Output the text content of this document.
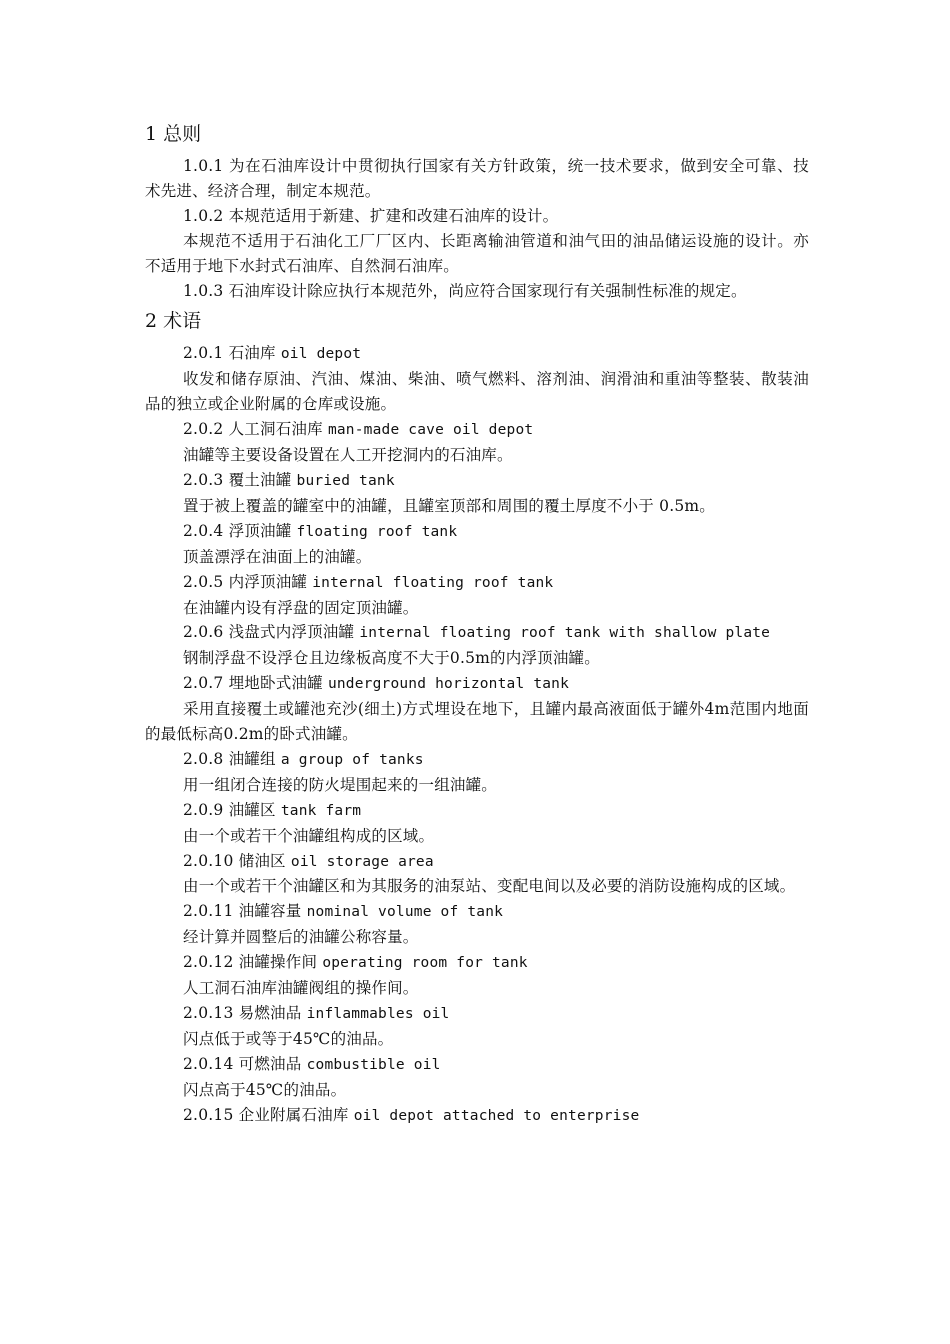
1 总则

1.0.1 为在石油库设计中贯彻执行国家有关方针政策，统一技术要求，做到安全可靠、技术先进、经济合理，制定本规范。

1.0.2 本规范适用于新建、扩建和改建石油库的设计。

本规范不适用于石油化工厂厂区内、长距离输油管道和油气田的油品储运设施的设计。亦不适用于地下水封式石油库、自然洞石油库。

1.0.3 石油库设计除应执行本规范外，尚应符合国家现行有关强制性标准的规定。

2 术语

2.0.1 石油库 oil depot

收发和储存原油、汽油、煤油、柴油、喷气燃料、溶剂油、润滑油和重油等整装、散装油品的独立或企业附属的仓库或设施。

2.0.2 人工洞石油库 man-made cave oil depot

油罐等主要设备设置在人工开挖洞内的石油库。

2.0.3 覆土油罐 buried tank

置于被上覆盖的罐室中的油罐，且罐室顶部和周围的覆土厚度不小于 0.5m。

2.0.4 浮顶油罐 floating roof tank

顶盖漂浮在油面上的油罐。

2.0.5 内浮顶油罐 internal floating roof tank

在油罐内设有浮盘的固定顶油罐。

2.0.6 浅盘式内浮顶油罐 internal floating roof tank with shallow plate

钢制浮盘不设浮仓且边缘板高度不大于0.5m的内浮顶油罐。

2.0.7 埋地卧式油罐 underground horizontal tank

采用直接覆土或罐池充沙(细土)方式埋设在地下，且罐内最高液面低于罐外4m范围内地面的最低标高0.2m的卧式油罐。

2.0.8 油罐组 a group of tanks

用一组闭合连接的防火堤围起来的一组油罐。

2.0.9 油罐区 tank farm

由一个或若干个油罐组构成的区域。

2.0.10 储油区 oil storage area

由一个或若干个油罐区和为其服务的油泵站、变配电间以及必要的消防设施构成的区域。

2.0.11 油罐容量 nominal volume of tank

经计算并圆整后的油罐公称容量。

2.0.12 油罐操作间 operating room for tank

人工洞石油库油罐阀组的操作间。

2.0.13 易燃油品 inflammables oil

闪点低于或等于45℃的油品。

2.0.14 可燃油品 combustible oil

闪点高于45℃的油品。

2.0.15 企业附属石油库 oil depot attached to enterprise
